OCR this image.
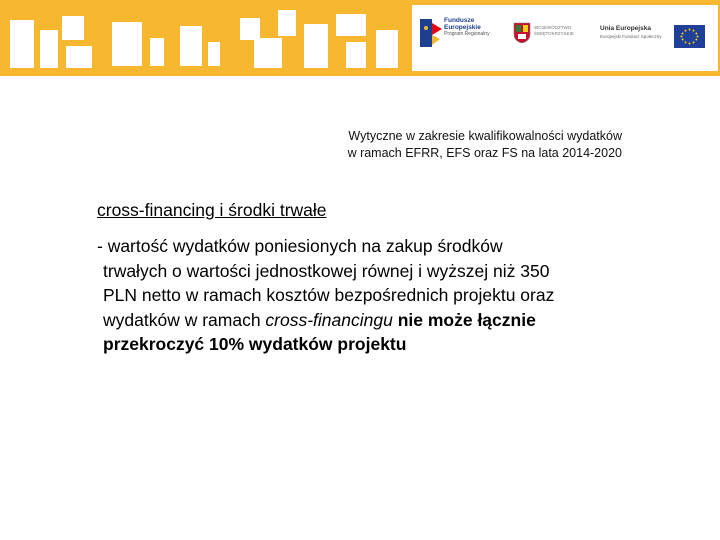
Fundusze
Europejskie
Program Regionalny
WOJEWÓDZTWO
ŚWIĘTOKRZYSKIE
Unia Europejska
Europejski Fundusz Społeczny
Wytyczne w zakresie kwalifikowalności wydatków
w ramach EFRR, EFS oraz FS na lata 2014-2020
cross-financing i środki trwałe
- wartość wydatków poniesionych na zakup środków
trwałych o wartości jednostkowej równej i wyższej niż 350
PLN netto w ramach kosztów bezpośrednich projektu oraz
wydatków w ramach cross-financingu nie może łącznie
przekroczyć 10% wydatków projektu
